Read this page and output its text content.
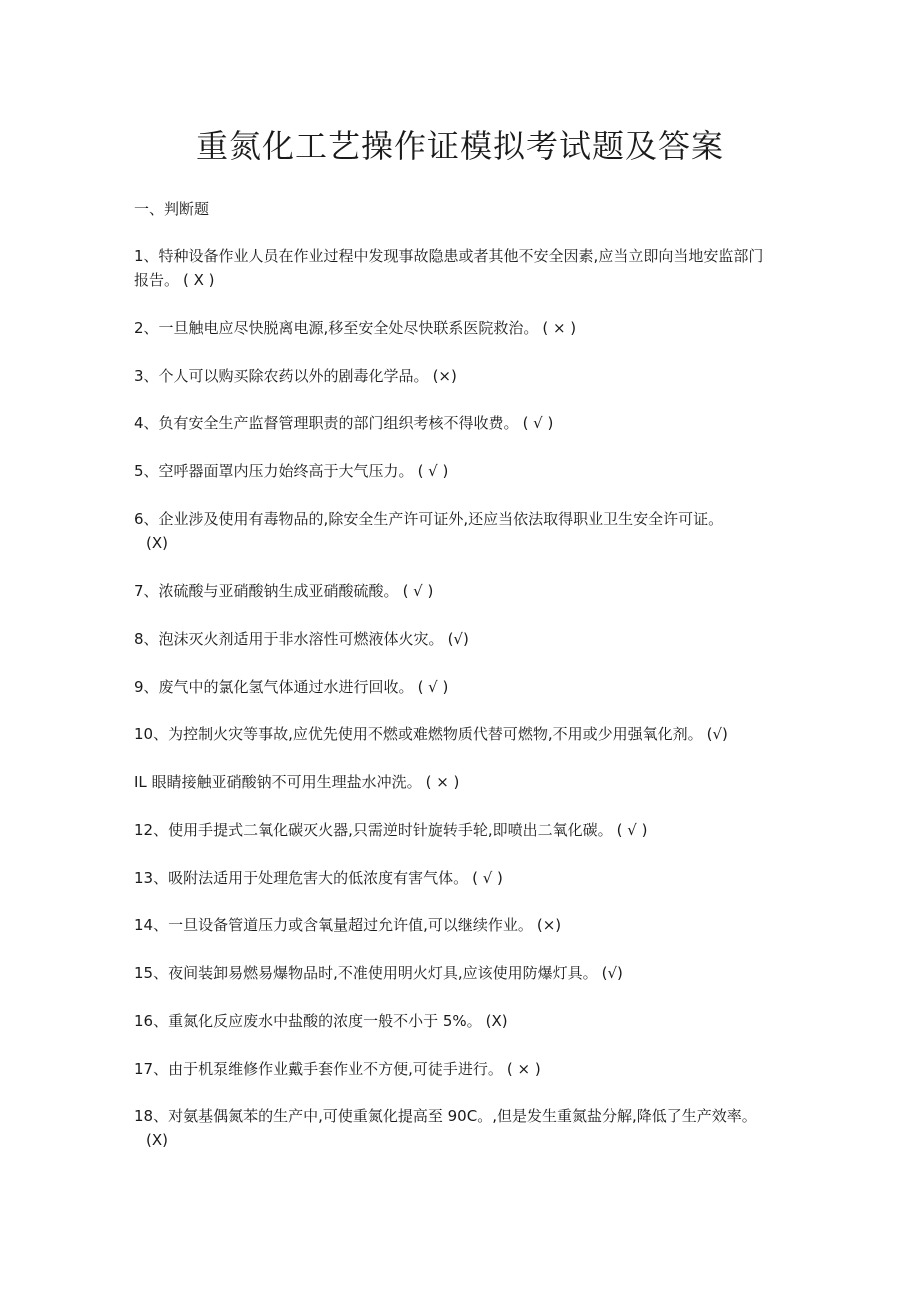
重氮化工艺操作证模拟考试题及答案
一、判断题
1、特种设备作业人员在作业过程中发现事故隐患或者其他不安全因素,应当立即向当地安监部门
报告。 ( X )
2、一旦触电应尽快脱离电源,移至安全处尽快联系医院救治。 ( × )
3、个人可以购买除农药以外的剧毒化学品。 (×)
4、负有安全生产监督管理职责的部门组织考核不得收费。 ( √ )
5、空呼器面罩内压力始终高于大气压力。 ( √ )
6、企业涉及使用有毒物品的,除安全生产许可证外,还应当依法取得职业卫生安全许可证。
(X)
7、浓硫酸与亚硝酸钠生成亚硝酸硫酸。 ( √ )
8、泡沫灭火剂适用于非水溶性可燃液体火灾。 (√)
9、废气中的氯化氢气体通过水进行回收。 ( √ )
10、为控制火灾等事故,应优先使用不燃或难燃物质代替可燃物,不用或少用强氧化剂。 (√)
IL 眼睛接触亚硝酸钠不可用生理盐水冲洗。 ( × )
12、使用手提式二氧化碳灭火器,只需逆时针旋转手轮,即喷出二氧化碳。 ( √ )
13、吸附法适用于处理危害大的低浓度有害气体。 ( √ )
14、一旦设备管道压力或含氧量超过允许值,可以继续作业。 (×)
15、夜间装卸易燃易爆物品时,不准使用明火灯具,应该使用防爆灯具。 (√)
16、重氮化反应废水中盐酸的浓度一般不小于 5%。 (X)
17、由于机泵维修作业戴手套作业不方便,可徒手进行。 ( × )
18、对氨基偶氮苯的生产中,可使重氮化提高至 90C。,但是发生重氮盐分解,降低了生产效率。
(X)
